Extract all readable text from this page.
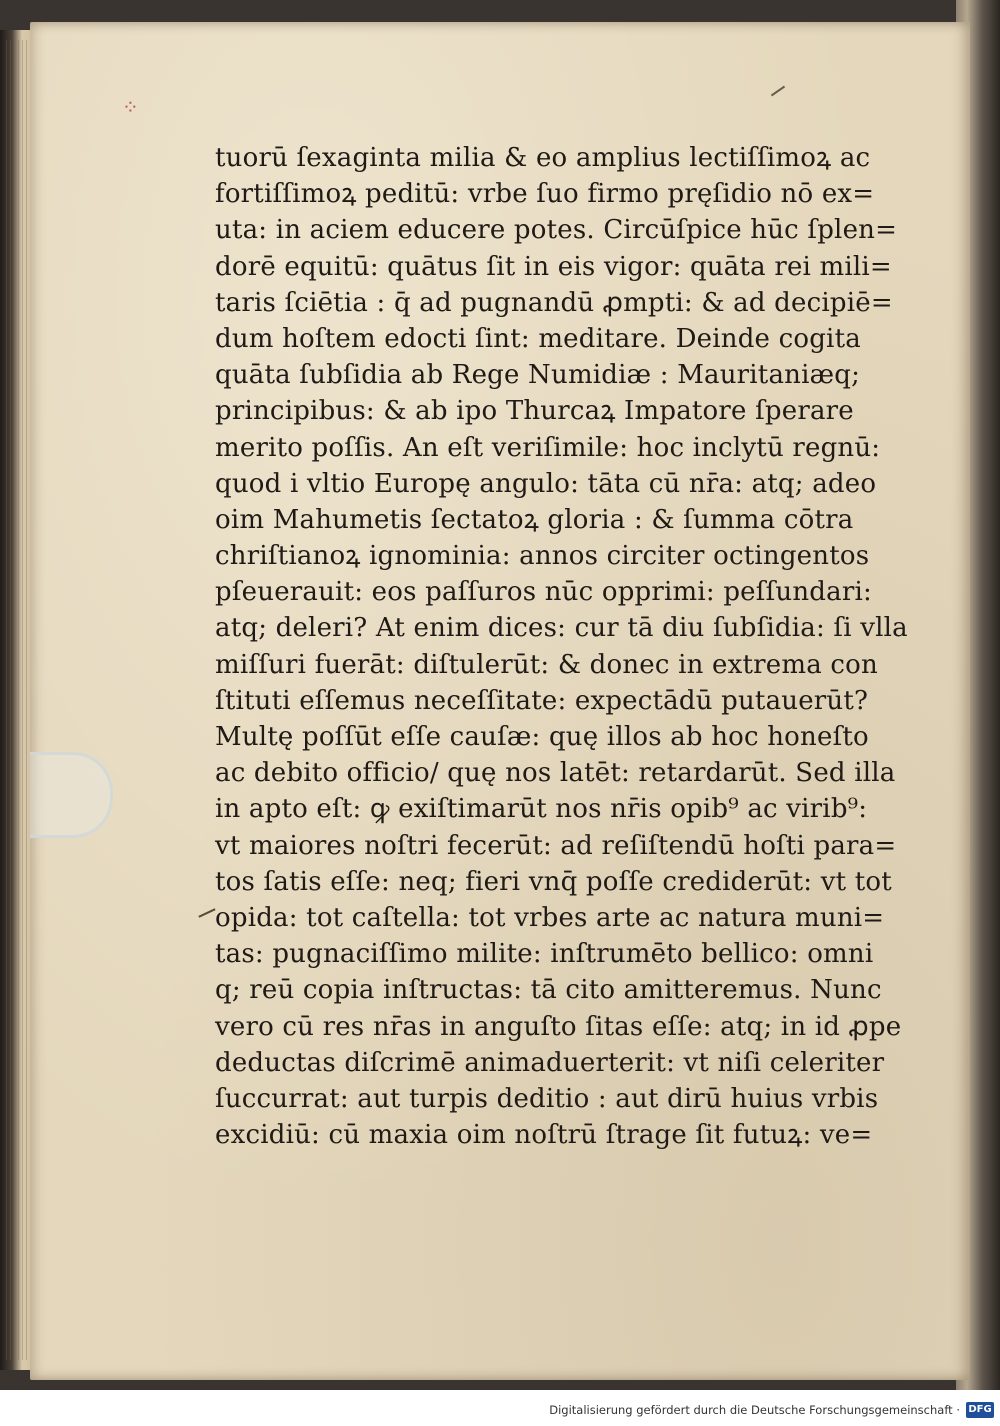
⁘
tuorū ſexaginta milia & eo amplius lectiſſimoꝝ ac
fortiſſimoꝝ peditū: vrbe ſuo firmo pręſidio nō ex=
uta: in aciem educere potes. Circūſpice hūc ſplen=
dorē equitū: quātus ſit in eis vigor: quāta rei mili=
taris ſciētia : q̄ ad pugnandū ꝓmpti: & ad decipiē=
dum hoſtem edocti ſint: meditare. Deinde cogita
quāta ſubſidia ab Rege Numidiæ : Mauritaniæq;
principibus: & ab ipo Thurcaꝝ Impatore ſperare
merito poſſis. An eſt veriſimile: hoc inclytū regnū:
quod i vltio Europę angulo: tāta cū nr̄a: atq; adeo
oim Mahumetis ſectatoꝝ gloria : & ſumma cōtra
chriſtianoꝝ ignominia: annos circiter octingentos
pſeuerauit: eos paſſuros nūc opprimi: peſſundari:
atq; deleri? At enim dices: cur tā diu ſubſidia: ſi vlla
miſſuri fuerāt: diſtulerūt: & donec in extrema con
ſtituti eſſemus neceſſitate: expectādū putauerūt?
Multę poſſūt eſſe cauſæ: quę illos ab hoc honeſto
ac debito officio/ quę nos latēt: retardarūt. Sed illa
in apto eſt: ꝙ exiſtimarūt nos nr̄is opib⁹ ac virib⁹:
vt maiores noſtri fecerūt: ad reſiſtendū hoſti para=
tos ſatis eſſe: neq; fieri vnq̄ poſſe crediderūt: vt tot
opida: tot caſtella: tot vrbes arte ac natura muni=
tas: pugnaciſſimo milite: inſtrumēto bellico: omni
q; reū copia inſtructas: tā cito amitteremus. Nunc
vero cū res nr̄as in anguſto ſitas eſſe: atq; in id ꝓpe
deductas diſcrimē animaduerterit: vt niſi celeriter
ſuccurrat: aut turpis deditio : aut dirū huius vrbis
excidiū: cū maxia oim noſtrū ſtrage ſit futuꝝ: ve=
Digitalisierung gefördert durch die Deutsche Forschungsgemeinschaft · DFG
